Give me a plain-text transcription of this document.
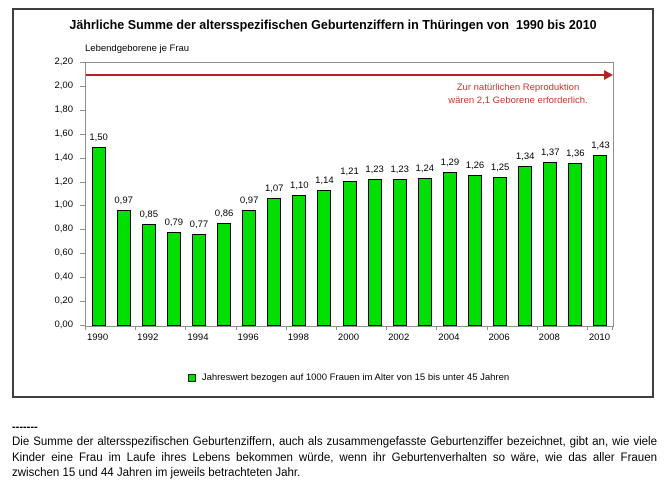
Jährliche Summe der altersspezifischen Geburtenziffern in Thüringen von  1990 bis 2010
Lebendgeborene je Frau
Zur natürlichen Reproduktion
wären 2,1 Geborene erforderlich.
1,50
0,97
0,85
0,79 0,77
0,86
0,97
1,07 1,10 1,14
1,21 1,23 1,23 1,24
1,29 1,26 1,25
1,34 1,37 1,36
1,43
Jahreswert bezogen auf 1000 Frauen im Alter von 15 bis unter 45 Jahren
0,00
0,20
0,40
0,60
0,80
1,00
1,20
1,40
1,60
1,80
2,00
2,20
1990	1992	1994	1996	1998	2000	2002	2004	2006	2008	2010
-------
Die Summe der altersspezifischen Geburtenziffern, auch als zusammengefasste Geburtenziffer bezeichnet, gibt an, wie viele Kinder eine Frau im Laufe ihres Lebens bekommen würde, wenn ihr Geburtenverhalten so wäre, wie das aller Frauen zwischen 15 und 44 Jahren im jeweils betrachteten Jahr.
